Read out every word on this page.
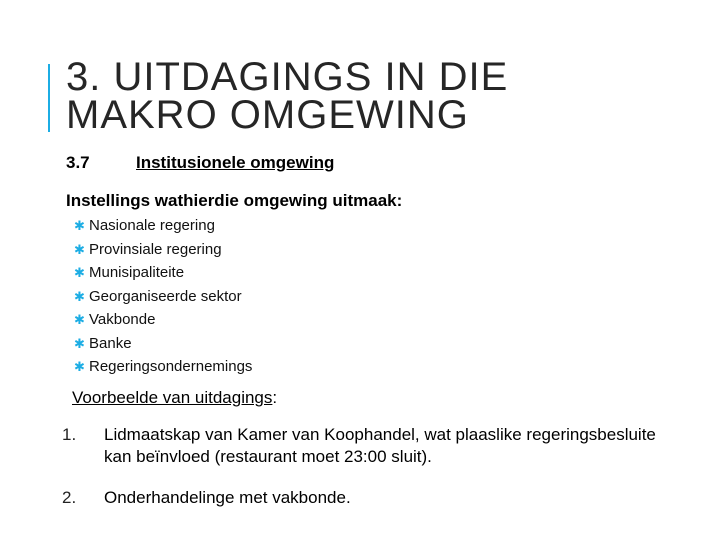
3. UITDAGINGS IN DIE
MAKRO OMGEWING
3.7	Institusionele omgewing
Instellings wathierdie omgewing uitmaak:
✱ Nasionale regering
✱ Provinsiale regering
✱ Munisipaliteite
✱ Georganiseerde sektor
✱ Vakbonde
✱ Banke
✱ Regeringsondernemings
Voorbeelde van uitdagings:
1.	Lidmaatskap van Kamer van Koophandel, wat plaaslike regeringsbesluite kan beïnvloed (restaurant moet 23:00 sluit).
2.	Onderhandelinge met vakbonde.
